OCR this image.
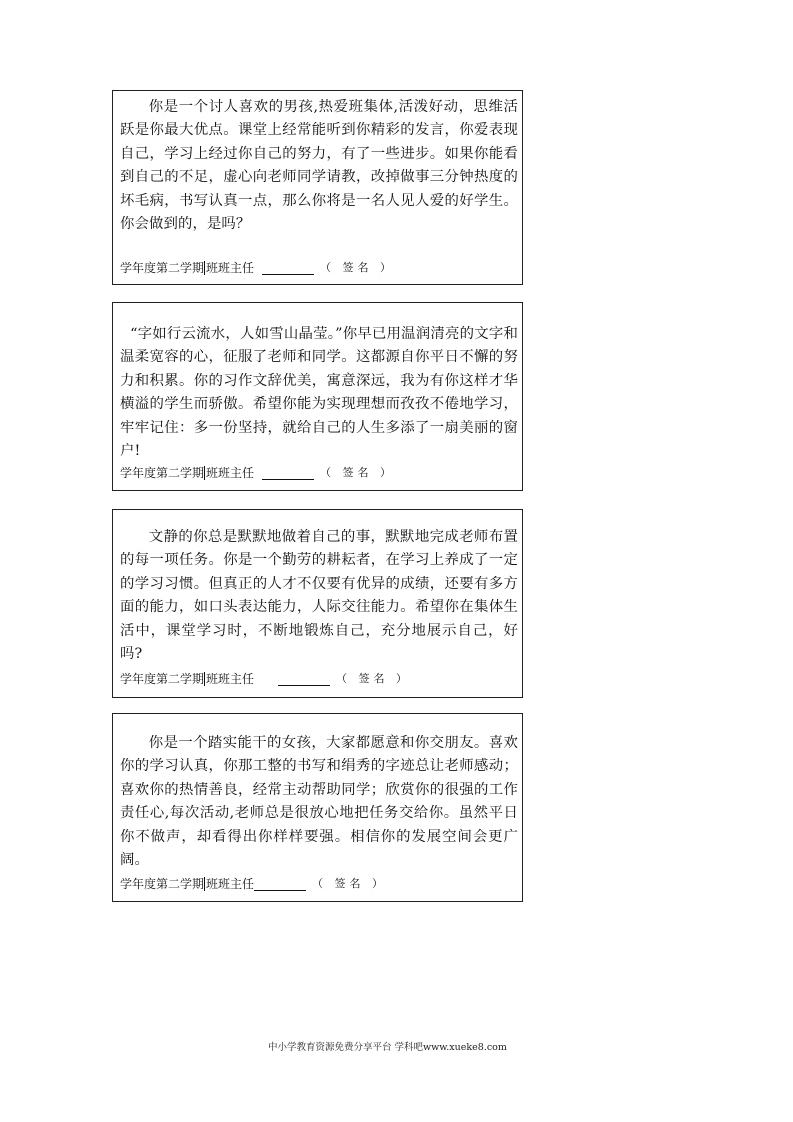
你是一个讨人喜欢的男孩,热爱班集体,活泼好动，思维活跃是你最大优点。课堂上经常能听到你精彩的发言，你爱表现自己，学习上经过你自己的努力，有了一些进步。如果你能看到自己的不足，虚心向老师同学请教，改掉做事三分钟热度的坏毛病，书写认真一点，那么你将是一名人见人爱的好学生。你会做到的，是吗？

学年度第二学期 班班主任	（ 签名 ）

“字如行云流水，人如雪山晶莹。”你早已用温润清亮的文字和温柔宽容的心，征服了老师和同学。这都源自你平日不懈的努力和积累。你的习作文辞优美，寓意深远，我为有你这样才华横溢的学生而骄傲。希望你能为实现理想而孜孜不倦地学习，牢牢记住：多一份坚持，就给自己的人生多添了一扇美丽的窗户!

学年度第二学期 班班主任	（ 签名 ）

文静的你总是默默地做着自己的事，默默地完成老师布置的每一项任务。你是一个勤劳的耕耘者，在学习上养成了一定的学习习惯。但真正的人才不仅要有优异的成绩，还要有多方面的能力，如口头表达能力，人际交往能力。希望你在集体生活中，课堂学习时，不断地锻炼自己，充分地展示自己，好吗?

学年度第二学期 班班主任	（ 签名 ）

你是一个踏实能干的女孩，大家都愿意和你交朋友。喜欢你的学习认真，你那工整的书写和绢秀的字迹总让老师感动；喜欢你的热情善良，经常主动帮助同学；欣赏你的很强的工作责任心,每次活动,老师总是很放心地把任务交给你。虽然平日你不做声，却看得出你样样要强。相信你的发展空间会更广阔。

学年度第二学期 班班主任	（ 签名 ）
中小学教育资源免费分享平台 学科吧www.xueke8.com
